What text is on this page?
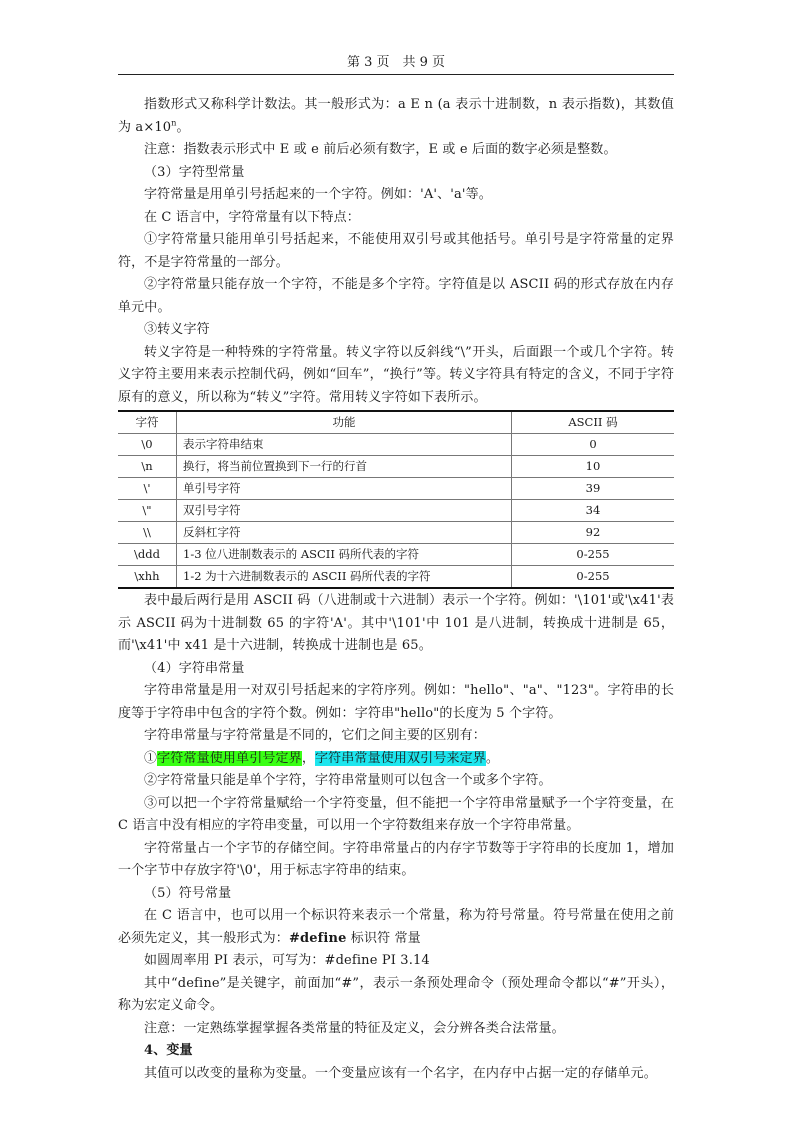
第 3 页　共 9 页

指数形式又称科学计数法。其一般形式为：a E n (a 表示十进制数，n 表示指数)，其数值为 $a\times 10^n$。

注意：指数表示形式中 E 或 e 前后必须有数字，E 或 e 后面的数字必须是整数。

（3）字符型常量

字符常量是用单引号括起来的一个字符。例如：'A'、'a'等。

在 C 语言中，字符常量有以下特点：

①字符常量只能用单引号括起来，不能使用双引号或其他括号。单引号是字符常量的定界符，不是字符常量的一部分。

②字符常量只能存放一个字符，不能是多个字符。字符值是以 ASCII 码的形式存放在内存单元中。

③转义字符

转义字符是一种特殊的字符常量。转义字符以反斜线“\”开头，后面跟一个或几个字符。转义字符主要用来表示控制代码，例如“回车”，“换行”等。转义字符具有特定的含义，不同于字符原有的意义，所以称为“转义”字符。常用转义字符如下表所示。

字符	功能	ASCII 码
\0	表示字符串结束	0
\n	换行，将当前位置换到下一行的行首	10
\'	单引号字符	39
\"	双引号字符	34
\\	反斜杠字符	92
\ddd	1-3 位八进制数表示的 ASCII 码所代表的字符	0-255
\xhh	1-2 为十六进制数表示的 ASCII 码所代表的字符	0-255

表中最后两行是用 ASCII 码（八进制或十六进制）表示一个字符。例如：'\101'或'\x41'表示 ASCII 码为十进制数 65 的字符'A'。其中'\101'中 101 是八进制，转换成十进制是 65，而'\x41'中 x41 是十六进制，转换成十进制也是 65。

（4）字符串常量

字符串常量是用一对双引号括起来的字符序列。例如："hello"、"a"、"123"。字符串的长度等于字符串中包含的字符个数。例如：字符串"hello"的长度为 5 个字符。

字符串常量与字符常量是不同的，它们之间主要的区别有：

①字符常量使用单引号定界，字符串常量使用双引号来定界。

②字符常量只能是单个字符，字符串常量则可以包含一个或多个字符。

③可以把一个字符常量赋给一个字符变量，但不能把一个字符串常量赋予一个字符变量，在 C 语言中没有相应的字符串变量，可以用一个字符数组来存放一个字符串常量。

字符常量占一个字节的存储空间。字符串常量占的内存字节数等于字符串的长度加 1，增加一个字节中存放字符'\0'，用于标志字符串的结束。

（5）符号常量

在 C 语言中，也可以用一个标识符来表示一个常量，称为符号常量。符号常量在使用之前必须先定义，其一般形式为：#define 标识符 常量

如圆周率用 PI 表示，可写为：#define PI 3.14

其中“define”是关键字，前面加“#”，表示一条预处理命令（预处理命令都以“#”开头），称为宏定义命令。

注意：一定熟练掌握掌握各类常量的特征及定义，会分辨各类合法常量。

4、变量

其值可以改变的量称为变量。一个变量应该有一个名字，在内存中占据一定的存储单元。
